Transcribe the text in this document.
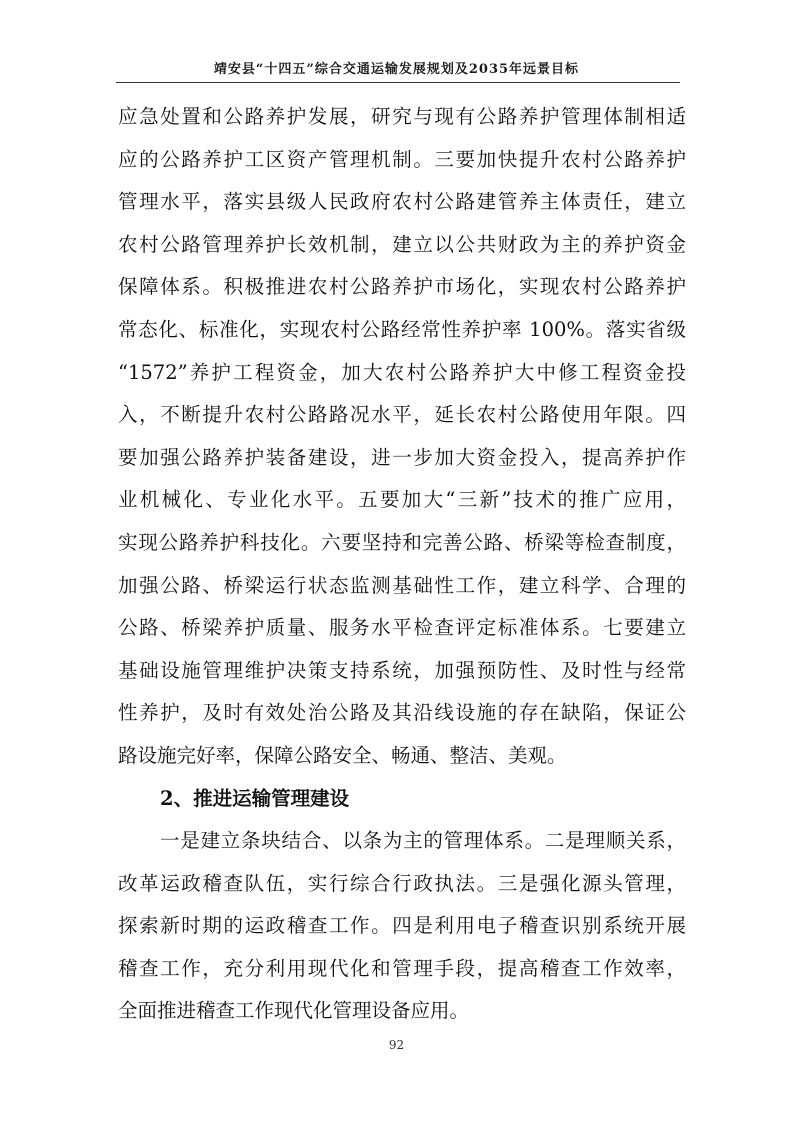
靖安县“十四五”综合交通运输发展规划及2035年远景目标
应急处置和公路养护发展，研究与现有公路养护管理体制相适
应的公路养护工区资产管理机制。三要加快提升农村公路养护
管理水平，落实县级人民政府农村公路建管养主体责任，建立
农村公路管理养护长效机制，建立以公共财政为主的养护资金
保障体系。积极推进农村公路养护市场化，实现农村公路养护
常态化、标准化，实现农村公路经常性养护率 100%。落实省级
“1572”养护工程资金，加大农村公路养护大中修工程资金投
入，不断提升农村公路路况水平，延长农村公路使用年限。四
要加强公路养护装备建设，进一步加大资金投入，提高养护作
业机械化、专业化水平。五要加大“三新”技术的推广应用，
实现公路养护科技化。六要坚持和完善公路、桥梁等检查制度，
加强公路、桥梁运行状态监测基础性工作，建立科学、合理的
公路、桥梁养护质量、服务水平检查评定标准体系。七要建立
基础设施管理维护决策支持系统，加强预防性、及时性与经常
性养护，及时有效处治公路及其沿线设施的存在缺陷，保证公
路设施完好率，保障公路安全、畅通、整洁、美观。
2、推进运输管理建设
一是建立条块结合、以条为主的管理体系。二是理顺关系，
改革运政稽查队伍，实行综合行政执法。三是强化源头管理，
探索新时期的运政稽查工作。四是利用电子稽查识别系统开展
稽查工作，充分利用现代化和管理手段，提高稽查工作效率，
全面推进稽查工作现代化管理设备应用。
92
